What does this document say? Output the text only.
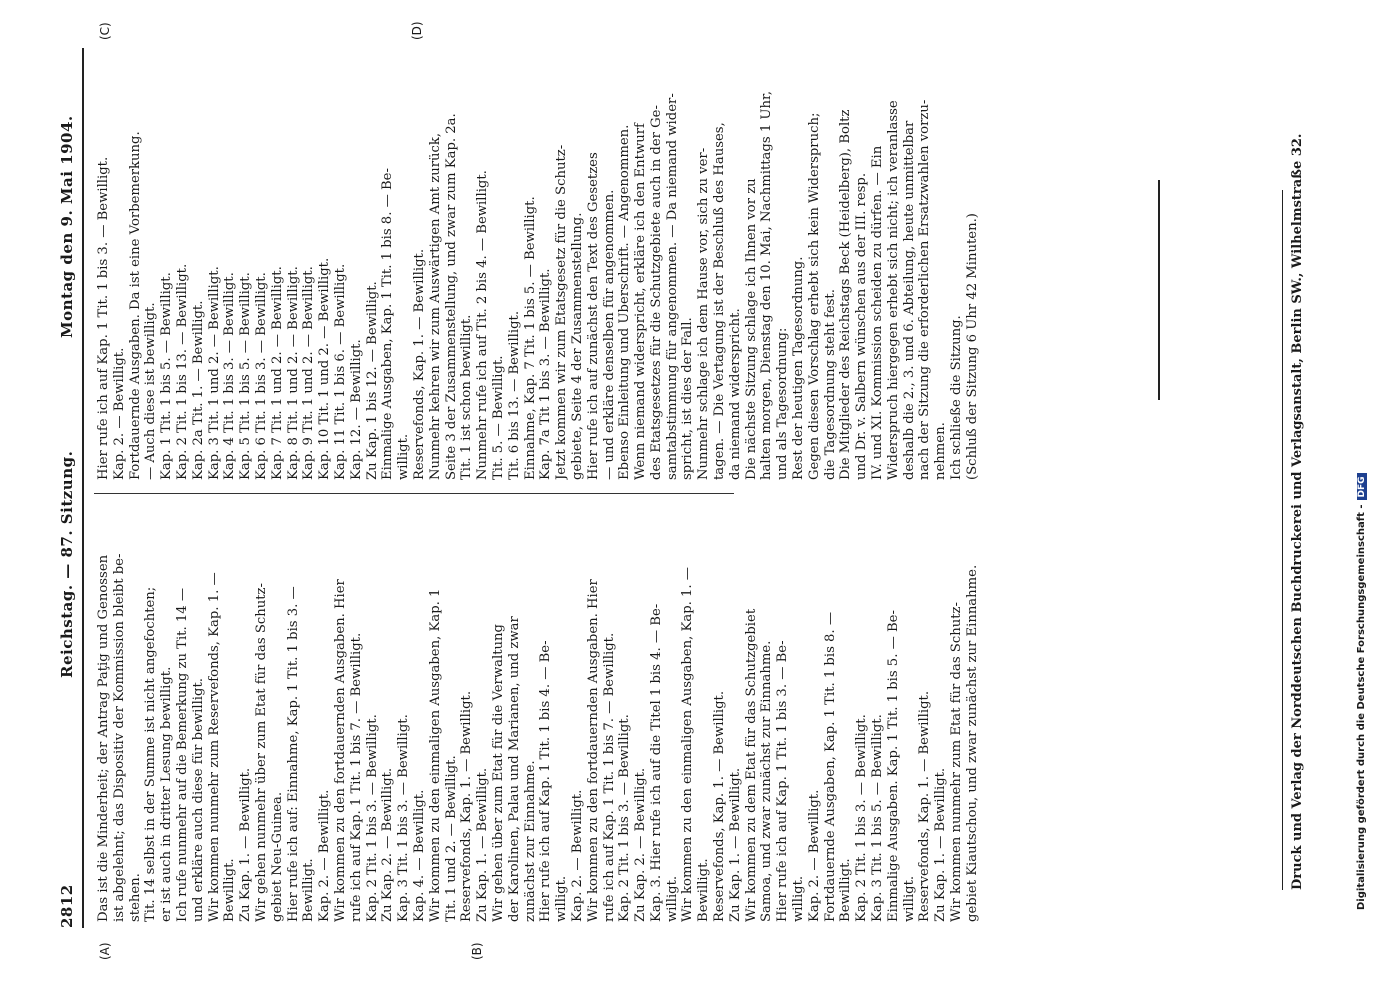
2812
Reichstag. — 87. Sitzung.
Montag den 9. Mai 1904.
(A)	(B)
(C)	(D)
Das ist die Minderheit; der Antrag Paţig und Genossen ist abgelehnt; das Dispositiv der Kommission bleibt be- stehen. Tit. 14 selbst in der Summe ist nicht angefochten; er ist auch in dritter Lesung bewilligt. Ich rufe nunmehr auf die Bemerkung zu Tit. 14 — und erkläre auch diese für bewilligt. Wir kommen nunmehr zum Reservefonds, Kap. 1. — Bewilligt. Zu Kap. 1. — Bewilligt. Wir gehen nunmehr über zum Etat für das Schutz- gebiet Neu-Guinea. Hier rufe ich auf: Einnahme, Kap. 1 Tit. 1 bis 3. — Bewilligt. Kap. 2. — Bewilligt. Wir kommen zu den fortdauernden Ausgaben. Hier rufe ich auf Kap. 1 Tit. 1 bis 7. — Bewilligt. Kap. 2 Tit. 1 bis 3. — Bewilligt. Zu Kap. 2. — Bewilligt. Kap. 3 Tit. 1 bis 3. — Bewilligt. Kap. 4. — Bewilligt. Wir kommen zu den einmaligen Ausgaben, Kap. 1 Tit. 1 und 2. — Bewilligt. Reservefonds, Kap. 1. — Bewilligt. Zu Kap. 1. — Bewilligt. Wir gehen über zum Etat für die Verwaltung der Karolinen, Palau und Marianen, und zwar zunächst zur Einnahme. Hier rufe ich auf Kap. 1 Tit. 1 bis 4. — Be- willigt. Kap. 2. — Bewilligt. Wir kommen zu den fortdauernden Ausgaben. Hier rufe ich auf Kap. 1 Tit. 1 bis 7. — Bewilligt. Kap. 2 Tit. 1 bis 3. — Bewilligt. Zu Kap. 2. — Bewilligt. Kap. 3. Hier rufe ich auf die Titel 1 bis 4. — Be- willigt. Wir kommen zu den einmaligen Ausgaben, Kap. 1. — Bewilligt. Reservefonds, Kap. 1. — Bewilligt. Zu Kap. 1. — Bewilligt. Wir kommen zu dem Etat für das Schutzgebiet Samoa, und zwar zunächst zur Einnahme. Hier rufe ich auf Kap. 1 Tit. 1 bis 3. — Be- willigt. Kap. 2. — Bewilligt. Fortdauernde Ausgaben, Kap. 1 Tit. 1 bis 8. — Bewilligt. Kap. 2 Tit. 1 bis 3. — Bewilligt. Kap. 3 Tit. 1 bis 5. — Bewilligt. Einmalige Ausgaben. Kap. 1 Tit. 1 bis 5. — Be- willigt. Reservefonds, Kap. 1. — Bewilligt. Zu Kap. 1. — Bewilligt. Wir kommen nunmehr zum Etat für das Schutz- gebiet Kiautschou, und zwar zunächst zur Einnahme.
Hier rufe ich auf Kap. 1 Tit. 1 bis 3. — Bewilligt. Kap. 2. — Bewilligt. Fortdauernde Ausgaben. Da ist eine Vorbemerkung. — Auch diese ist bewilligt. Kap. 1 Tit. 1 bis 5. — Bewilligt. Kap. 2 Tit. 1 bis 13. — Bewilligt. Kap. 2a Tit. 1. — Bewilligt. Kap. 3 Tit. 1 und 2. — Bewilligt. Kap. 4 Tit. 1 bis 3. — Bewilligt. Kap. 5 Tit. 1 bis 5. — Bewilligt. Kap. 6 Tit. 1 bis 3. — Bewilligt. Kap. 7 Tit. 1 und 2. — Bewilligt. Kap. 8 Tit. 1 und 2. — Bewilligt. Kap. 9 Tit. 1 und 2. — Bewilligt. Kap. 10 Tit. 1 und 2. — Bewilligt. Kap. 11 Tit. 1 bis 6. — Bewilligt. Kap. 12. — Bewilligt. Zu Kap. 1 bis 12. — Bewilligt. Einmalige Ausgaben, Kap. 1 Tit. 1 bis 8. — Be- willigt. Reservefonds, Kap. 1. — Bewilligt. Nunmehr kehren wir zum Auswärtigen Amt zurück, Seite 3 der Zusammenstellung, und zwar zum Kap. 2a. Tit. 1 ist schon bewilligt. Nunmehr rufe ich auf Tit. 2 bis 4. — Bewilligt. Tit. 5. — Bewilligt. Tit. 6 bis 13. — Bewilligt. Einnahme, Kap. 7 Tit. 1 bis 5. — Bewilligt. Kap. 7a Tit 1 bis 3. — Bewilligt. Jetzt kommen wir zum Etatsgesetz für die Schutz- gebiete, Seite 4 der Zusammenstellung. Hier rufe ich auf zunächst den Text des Gesetzes — und erkläre denselben für angenommen. Ebenso Einleitung und Überschrift. — Angenommen. Wenn niemand widerspricht, erkläre ich den Entwurf des Etatsgesetzes für die Schutzgebiete auch in der Ge- samtabstimmung für angenommen. — Da niemand wider- spricht, ist dies der Fall. Nunmehr schlage ich dem Hause vor, sich zu ver- tagen. — Die Vertagung ist der Beschluß des Hauses, da niemand widerspricht. Die nächste Sitzung schlage ich Ihnen vor zu halten morgen, Dienstag den 10. Mai, Nachmittags 1 Uhr, und als Tagesordnung: Rest der heutigen Tagesordnung. Gegen diesen Vorschlag erhebt sich kein Widerspruch; die Tagesordnung steht fest. Die Mitglieder des Reichstags Beck (Heidelberg), Boltz und Dr. v. Salbern wünschen aus der III. resp. IV. und XI. Kommission scheiden zu dürfen. — Ein Widerspruch hiergegen erhebt sich nicht; ich veranlasse deshalb die 2., 3. und 6. Abteilung, heute unmittelbar nach der Sitzung die erforderlichen Ersatzwahlen vorzu- nehmen. Ich schließe die Sitzung. (Schluß der Sitzung 6 Uhr 42 Minuten.)	Druck und Verlag der Norddeutschen Buchdruckerei und Verlagsanstalt, Berlin SW., Wilhelmstraße 32.	Digitalisierung gefördert durch die Deutsche Forschungsgemeinschaft -DFG
